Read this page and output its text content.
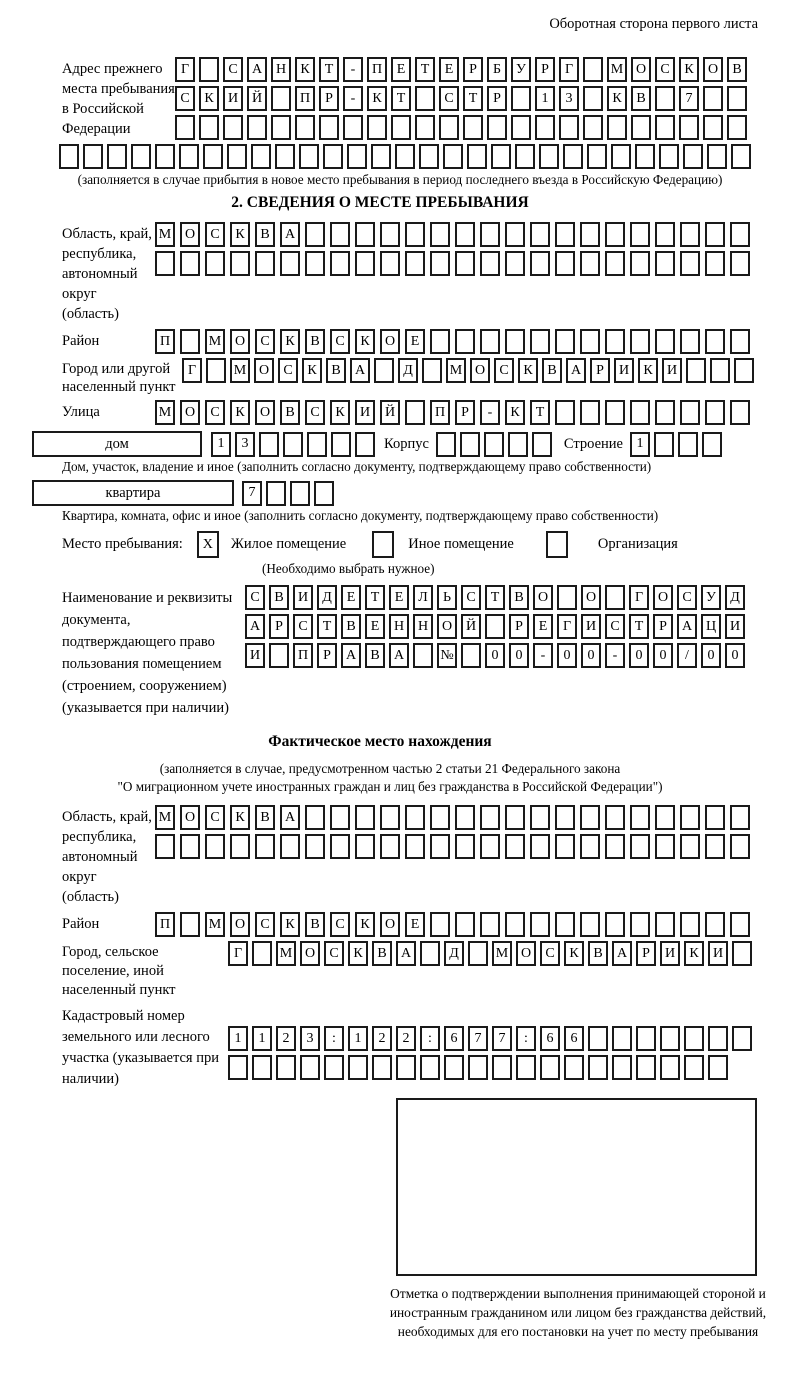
Оборотная сторона первого листа
Адрес прежнего места пребывания в Российской Федерации
Г	С	А Н	К	Т	-	П	Е	Т	Е	Р	Б	У	Р	Г	М О	С	К	О	В
С	К	И Й	П	Р	-	К	Т	С	Т	Р	1	3	К	В	7
(заполняется в случае прибытия в новое место пребывания в период последнего въезда в Российскую Федерацию)
2. СВЕДЕНИЯ О МЕСТЕ ПРЕБЫВАНИЯ
Область, край, республика, автономный округ (область)
М О	С	К	В	А
Район	П	М О	С	К	В	С	К	О	Е
Город или другой населенный пункт
Г	М О	С	К	В	А	Д	М О	С	К	В	А	Р	И	К	И
Улица	М О	С	К	О	В	С	К	И	Й	П	Р	-	К	Т
дом	1	3	Корпус	Строение 1
Дом, участок, владение и иное (заполнить согласно документу, подтверждающему право собственности)
квартира	7
Квартира, комната, офис и иное (заполнить согласно документу, подтверждающему право собственности)
Место пребывания:	X	Жилое помещение	Иное помещение	Организация
(Необходимо выбрать нужное)
Наименование и реквизиты документа, подтверждающего право пользования помещением (строением, сооружением) (указывается при наличии)
С	В	И	Д	Е	Т	Е	Л	Ь	С	Т	В	О	О	Г	О	С	У	Д
А	Р	С	Т	В	Е	Н Н О Й	Р	Е	Г	И	С	Т	Р	А Ц И
И	П	Р	А	В	А	№	0	0	-	0	0	-	0	0	/	0	0
Фактическое место нахождения
(заполняется в случае, предусмотренном частью 2 статьи 21 Федерального закона
"О миграционном учете иностранных граждан и лиц без гражданства в Российской Федерации")
Область, край, республика, автономный округ (область)
М О	С	К	В	А
Район	П	М О	С	К	В	С	К	О	Е
Город, сельское поселение, иной населенный пункт
Г	М О	С	К	В	А	Д	М О	С	К	В	А	Р	И	К	И
Кадастровый номер земельного или лесного участка (указывается при наличии)
1	1	2	3	:	1	2	2	:	6	7	7	:	6	6
Отметка о подтверждении выполнения принимающей стороной и иностранным гражданином или лицом без гражданства действий, необходимых для его постановки на учет по месту пребывания
